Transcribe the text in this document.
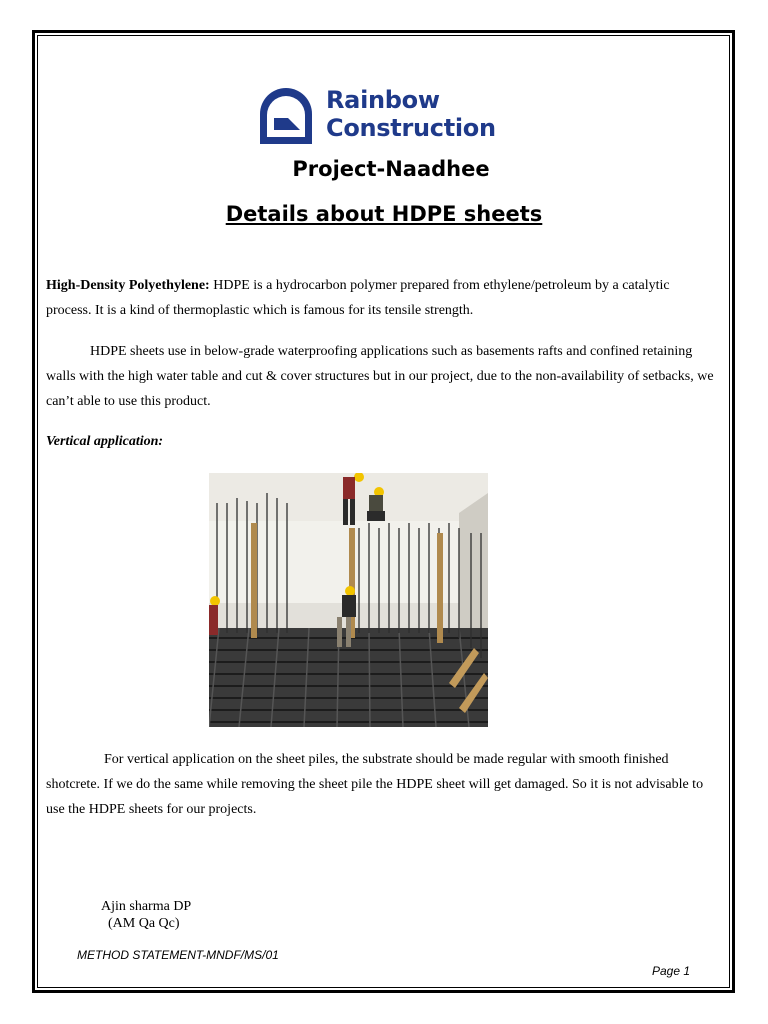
Rainbow
Construction
Project-Naadhee
Details about HDPE sheets

High-Density Polyethylene: HDPE is a hydrocarbon polymer prepared from ethylene/petroleum by a catalytic process. It is a kind of thermoplastic which is famous for its tensile strength.

HDPE sheets use in below-grade waterproofing applications such as basements rafts and confined retaining walls with the high water table and cut & cover structures but in our project, due to the non-availability of setbacks, we can’t able to use this product.

Vertical application:

For vertical application on the sheet piles, the substrate should be made regular with smooth finished shotcrete. If we do the same while removing the sheet pile the HDPE sheet will get damaged. So it is not advisable to use the HDPE sheets for our projects.

Ajin sharma DP
(AM Qa Qc)
METHOD STATEMENT-MNDF/MS/01
Page 1
